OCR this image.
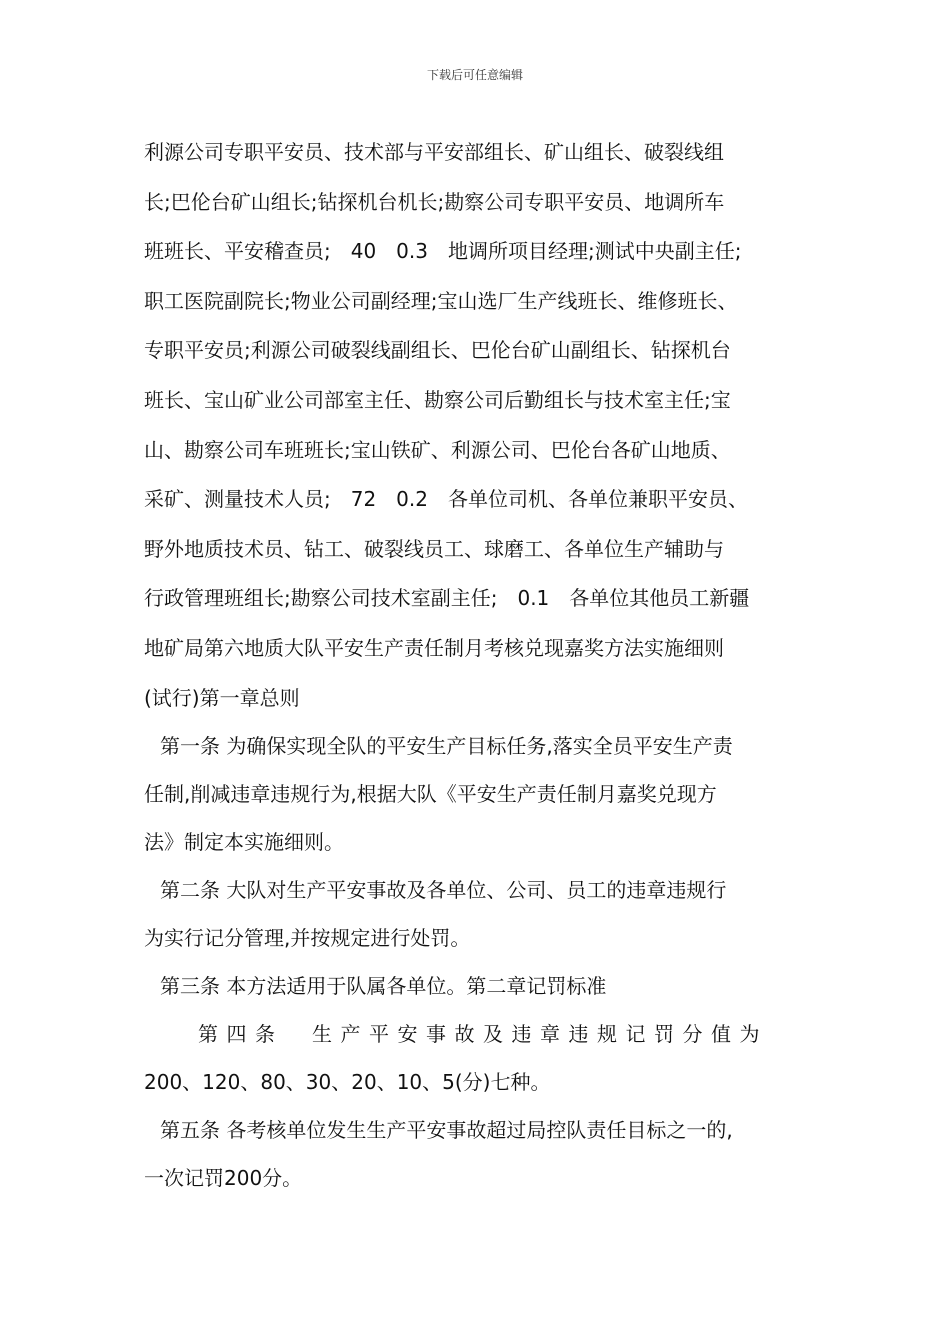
下载后可任意编辑
利源公司专职平安员、技术部与平安部组长、矿山组长、破裂线组
长;巴伦台矿山组长;钻探机台机长;勘察公司专职平安员、地调所车
班班长、平安稽查员;　40　0.3　地调所项目经理;测试中央副主任;
职工医院副院长;物业公司副经理;宝山选厂生产线班长、维修班长、
专职平安员;利源公司破裂线副组长、巴伦台矿山副组长、钻探机台
班长、宝山矿业公司部室主任、勘察公司后勤组长与技术室主任;宝
山、勘察公司车班班长;宝山铁矿、利源公司、巴伦台各矿山地质、
采矿、测量技术人员;　72　0.2　各单位司机、各单位兼职平安员、
野外地质技术员、钻工、破裂线员工、球磨工、各单位生产辅助与
行政管理班组长;勘察公司技术室副主任;　0.1　各单位其他员工新疆
地矿局第六地质大队平安生产责任制月考核兑现嘉奖方法实施细则
(试行)第一章总则
第一条 为确保实现全队的平安生产目标任务,落实全员平安生产责
任制,削减违章违规行为,根据大队《平安生产责任制月嘉奖兑现方
法》制定本实施细则。
第二条 大队对生产平安事故及各单位、公司、员工的违章违规行
为实行记分管理,并按规定进行处罚。
第三条 本方法适用于队属各单位。第二章记罚标准
第四条　生产平安事故及违章违规记罚分值为
200、120、80、30、20、10、5(分)七种。
第五条 各考核单位发生生产平安事故超过局控队责任目标之一的,
一次记罚200分。
